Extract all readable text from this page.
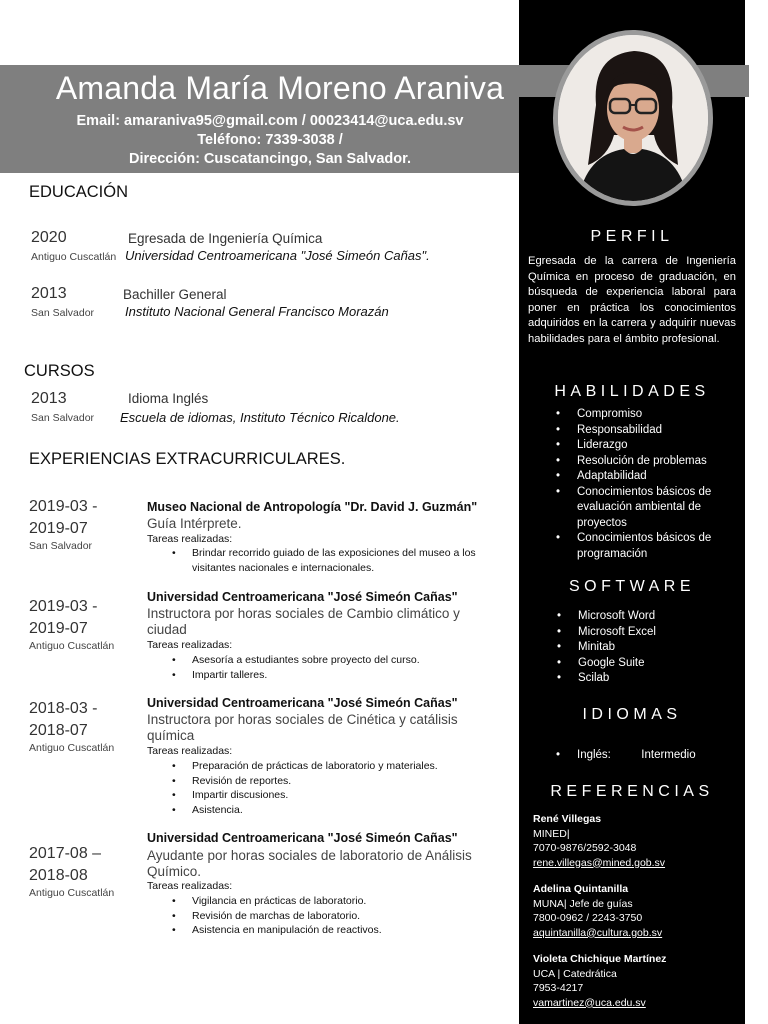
Amanda María Moreno Araniva
Email: amaraniva95@gmail.com / 00023414@uca.edu.sv
Teléfono: 7339-3038 /
Dirección: Cuscatancingo, San Salvador.
EDUCACIÓN
2020	Egresada de Ingeniería Química
Antiguo Cuscatlán Universidad Centroamericana "José Simeón Cañas".
2013	Bachiller General
San Salvador Instituto Nacional General Francisco Morazán
CURSOS
2013	Idioma Inglés
San Salvador Escuela de idiomas, Instituto Técnico Ricaldone.
EXPERIENCIAS EXTRACURRICULARES.
2019-03 -
2019-07
San Salvador
Museo Nacional de Antropología "Dr. David J. Guzmán"
Guía Intérprete.
Tareas realizadas:
• Brindar recorrido guiado de las exposiciones del museo a los visitantes nacionales e internacionales.
2019-03 -
2019-07
Antiguo Cuscatlán
Universidad Centroamericana "José Simeón Cañas"
Instructora por horas sociales de Cambio climático y ciudad
Tareas realizadas:
• Asesoría a estudiantes sobre proyecto del curso.
• Impartir talleres.
2018-03 -
2018-07
Antiguo Cuscatlán
Universidad Centroamericana "José Simeón Cañas"
Instructora por horas sociales de Cinética y catálisis química
Tareas realizadas:
• Preparación de prácticas de laboratorio y materiales.
• Revisión de reportes.
• Impartir discusiones.
• Asistencia.
2017-08 –
2018-08
Antiguo Cuscatlán
Universidad Centroamericana "José Simeón Cañas"
Ayudante por horas sociales de laboratorio de Análisis Químico.
Tareas realizadas:
• Vigilancia en prácticas de laboratorio.
• Revisión de marchas de laboratorio.
• Asistencia en manipulación de reactivos.
PERFIL
Egresada de la carrera de Ingeniería Química en proceso de graduación, en búsqueda de experiencia laboral para poner en práctica los conocimientos adquiridos en la carrera y adquirir nuevas habilidades para el ámbito profesional.
HABILIDADES
• Compromiso
• Responsabilidad
• Liderazgo
• Resolución de problemas
• Adaptabilidad
• Conocimientos básicos de evaluación ambiental de proyectos
• Conocimientos básicos de programación
SOFTWARE
• Microsoft Word
• Microsoft Excel
• Minitab
• Google Suite
• Scilab
IDIOMAS
• Inglés:	Intermedio
REFERENCIAS
René Villegas
MINED|
7070-9876/2592-3048
rene.villegas@mined.gob.sv
Adelina Quintanilla
MUNA| Jefe de guías
7800-0962 / 2243-3750
aquintanilla@cultura.gob.sv
Violeta Chichique Martínez
UCA | Catedrática
7953-4217
vamartinez@uca.edu.sv
